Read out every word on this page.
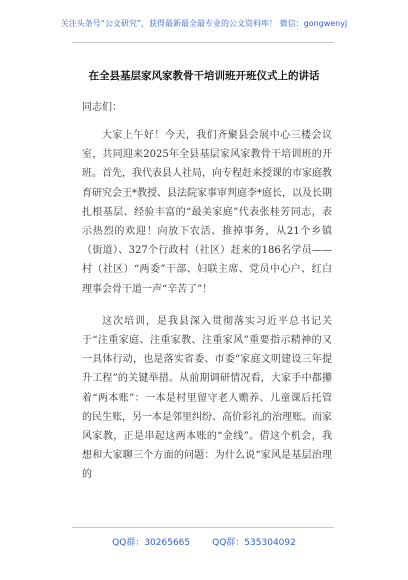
关注头条号“公文研究”，获得最新最全最专业的公文资料库！ 微信：gongwenyj
在全县基层家风家教骨干培训班开班仪式上的讲话
同志们：

大家上午好！今天，我们齐聚县会展中心三楼会议室，共同迎来2025年全县基层家风家教骨干培训班的开班。首先，我代表县人社局，向专程赶来授课的市家庭教育研究会王*教授、县法院家事审判庭李*庭长，以及长期扎根基层、经验丰富的“最美家庭”代表张桂芳同志，表示热烈的欢迎！向放下农活、推掉事务，从21个乡镇（街道）、327个行政村（社区）赶来的186名学员——村（社区）“两委”干部、妇联主席、党员中心户、红白理事会骨干道一声“辛苦了”！

这次培训，是我县深入贯彻落实习近平总书记关于“注重家庭、注重家教、注重家风”重要指示精神的又一具体行动，也是落实省委、市委“家庭文明建设三年提升工程”的关键举措。从前期调研情况看，大家手中都攥着“两本账”：一本是村里留守老人赡养、儿童课后托管的民生账，另一本是邻里纠纷、高价彩礼的治理账。而家风家教，正是串起这两本账的“金线”。借这个机会，我想和大家聊三个方面的问题：为什么说“家风是基层治理的

QQ群：30265665 QQ群：535304092
